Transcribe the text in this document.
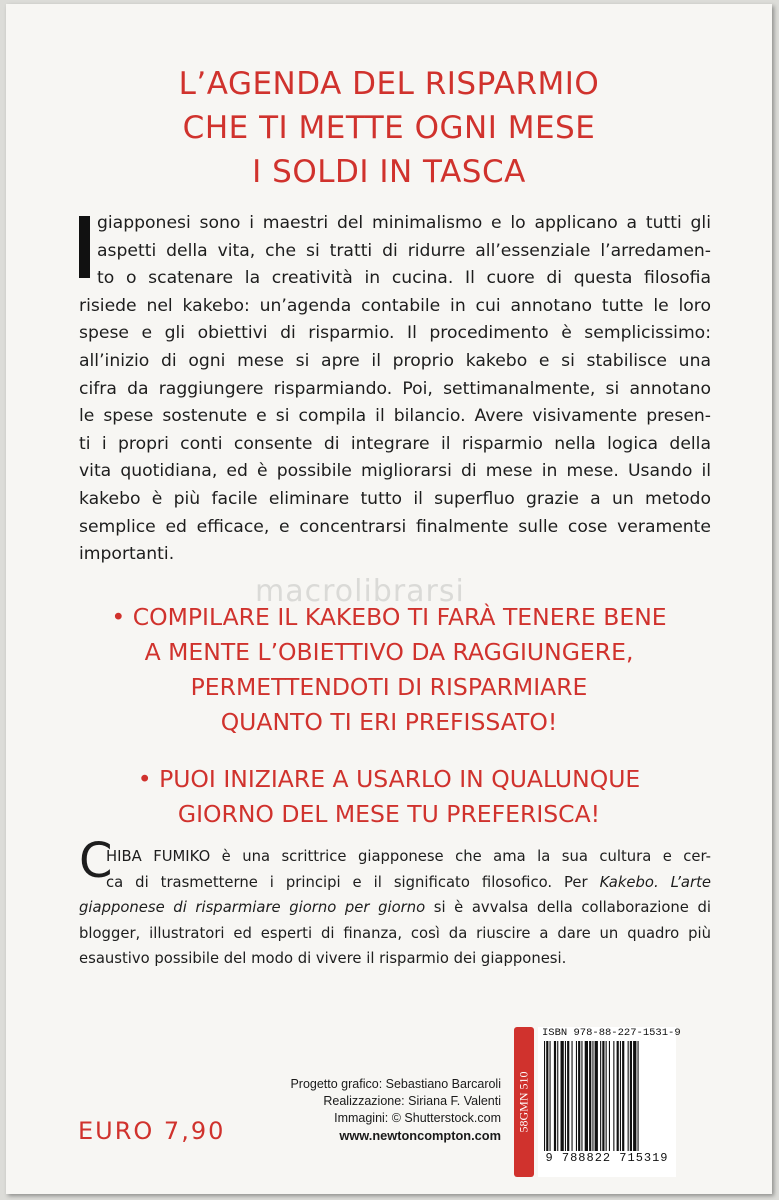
L’AGENDA DEL RISPARMIO
CHE TI METTE OGNI MESE
I SOLDI IN TASCA
giapponesi sono i maestri del minimalismo e lo applicano a tutti gli
aspetti della vita, che si tratti di ridurre all’essenziale l’arredamen-
to o scatenare la creatività in cucina. Il cuore di questa filosofia
risiede nel kakebo: un’agenda contabile in cui annotano tutte le loro
spese e gli obiettivi di risparmio. Il procedimento è semplicissimo:
all’inizio di ogni mese si apre il proprio kakebo e si stabilisce una
cifra da raggiungere risparmiando. Poi, settimanalmente, si annotano
le spese sostenute e si compila il bilancio. Avere visivamente presen-
ti i propri conti consente di integrare il risparmio nella logica della
vita quotidiana, ed è possibile migliorarsi di mese in mese. Usando il
kakebo è più facile eliminare tutto il superfluo grazie a un metodo
semplice ed efficace, e concentrarsi finalmente sulle cose veramente
importanti.
macrolibrarsi
• COMPILARE IL KAKEBO TI FARÀ TENERE BENE
A MENTE L’OBIETTIVO DA RAGGIUNGERE,
PERMETTENDOTI DI RISPARMIARE
QUANTO TI ERI PREFISSATO!
• PUOI INIZIARE A USARLO IN QUALUNQUE
GIORNO DEL MESE TU PREFERISCA!
C
HIBA FUMIKO è una scrittrice giapponese che ama la sua cultura e cer-
ca di trasmetterne i principi e il significato filosofico. Per Kakebo. L’arte
giapponese di risparmiare giorno per giorno si è avvalsa della collaborazione di
blogger, illustratori ed esperti di finanza, così da riuscire a dare un quadro più
esaustivo possibile del modo di vivere il risparmio dei giapponesi.
Progetto grafico: Sebastiano Barcaroli
Realizzazione: Siriana F. Valenti
Immagini: © Shutterstock.com
www.newtoncompton.com
EURO 7,90	58GMN 510
ISBN 978-88-227-1531-9
9 788822 715319
